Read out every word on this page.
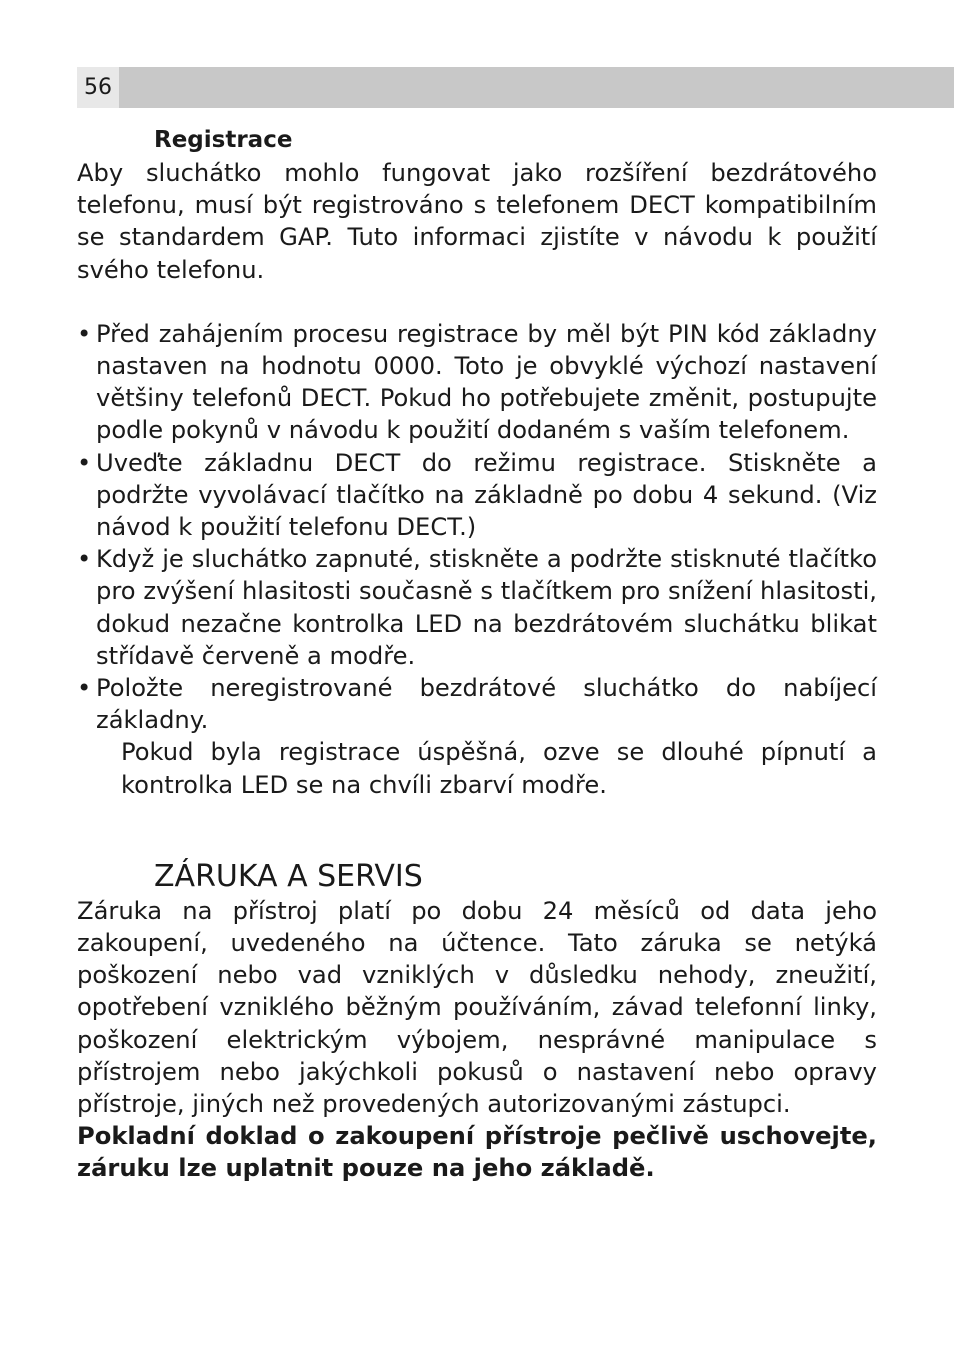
56
Registrace

Aby sluchátko mohlo fungovat jako rozšíření bezdrátového telefonu, musí být registrováno s telefonem DECT kompatibilním se standardem GAP. Tuto informaci zjistíte v návodu k použití svého telefonu.

• Před zahájením procesu registrace by měl být PIN kód základny nastaven na hodnotu 0000. Toto je obvyklé výchozí nastavení většiny telefonů DECT. Pokud ho potřebujete změnit, postupujte podle pokynů v návodu k použití dodaném s vaším telefonem.
• Uveďte základnu DECT do režimu registrace. Stiskněte a podržte vyvolávací tlačítko na základně po dobu 4 sekund. (Viz návod k použití telefonu DECT.)
• Když je sluchátko zapnuté, stiskněte a podržte stisknuté tlačítko pro zvýšení hlasitosti současně s tlačítkem pro snížení hlasitosti, dokud nezačne kontrolka LED na bezdrátovém sluchátku blikat střídavě červeně a modře.
• Položte neregistrované bezdrátové sluchátko do nabíjecí základny.
Pokud byla registrace úspěšná, ozve se dlouhé pípnutí a kontrolka LED se na chvíli zbarví modře.
ZÁRUKA A SERVIS

Záruka na přístroj platí po dobu 24 měsíců od data jeho zakoupení, uvedeného na účtence. Tato záruka se netýká poškození nebo vad vzniklých v důsledku nehody, zneužití, opotřebení vzniklého běžným používáním, závad telefonní linky, poškození elektrickým výbojem, nesprávné manipulace s přístrojem nebo jakýchkoli pokusů o nastavení nebo opravy přístroje, jiných než provedených autorizovanými zástupci.

Pokladní doklad o zakoupení přístroje pečlivě uschovejte, záruku lze uplatnit pouze na jeho základě.
